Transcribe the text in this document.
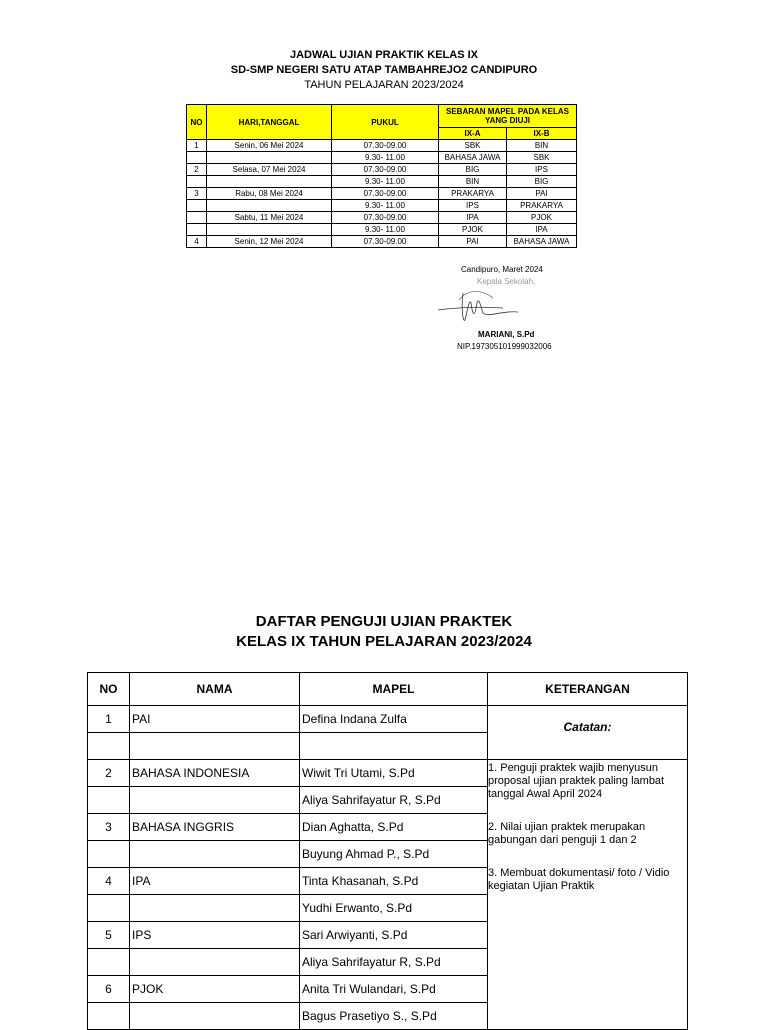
JADWAL UJIAN PRAKTIK KELAS IX
SD-SMP NEGERI SATU ATAP TAMBAHREJO2 CANDIPURO
TAHUN PELAJARAN 2023/2024
NO	HARI,TANGGAL	PUKUL	SEBARAN MAPEL PADA KELAS YANG DIUJI	
			IX-A	IX-B
1	Senin, 06 Mei 2024	07.30-09.00	SBK	BIN
		9.30- 11.00	BAHASA JAWA	SBK
2	Selasa, 07 Mei 2024	07.30-09.00	BIG	IPS
		9.30- 11.00	BIN	BIG
3	Rabu, 08 Mei 2024	07.30-09.00	PRAKARYA	PAI
		9.30- 11.00	IPS	PRAKARYA
	Sabtu, 11 Mei 2024	07.30-09.00	IPA	PJOK
		9.30- 11.00	PJOK	IPA
4	Senin, 12 Mei 2024	07.30-09.00	PAI	BAHASA JAWA
Candipuro, Maret 2024
Kepala Sekolah,
MARIANI, S.Pd
NIP.197305101999032006
DAFTAR PENGUJI UJIAN PRAKTEK
KELAS IX TAHUN PELAJARAN 2023/2024
NO	NAMA	MAPEL	KETERANGAN
1	PAI	Defina Indana Zulfa	Catatan:

2	BAHASA INDONESIA	Wiwit Tri Utami, S.Pd	1. Penguji praktek wajib menyusun proposal ujian praktek paling lambat tanggal Awal April 2024
2. Nilai ujian praktek merupakan gabungan dari penguji 1 dan 2
3. Membuat dokumentasi/ foto / Vidio kegiatan Ujian Praktik

		Aliya Sahrifayatur R, S.Pd	
3	BAHASA INGGRIS	Dian Aghatta, S.Pd	
		Buyung Ahmad P., S.Pd	
4	IPA	Tinta Khasanah, S.Pd	
		Yudhi Erwanto, S.Pd	
5	IPS	Sari Arwiyanti, S.Pd	
		Aliya Sahrifayatur R, S.Pd	
6	PJOK	Anita Tri Wulandari, S.Pd	
		Bagus Prasetiyo S., S.Pd	
